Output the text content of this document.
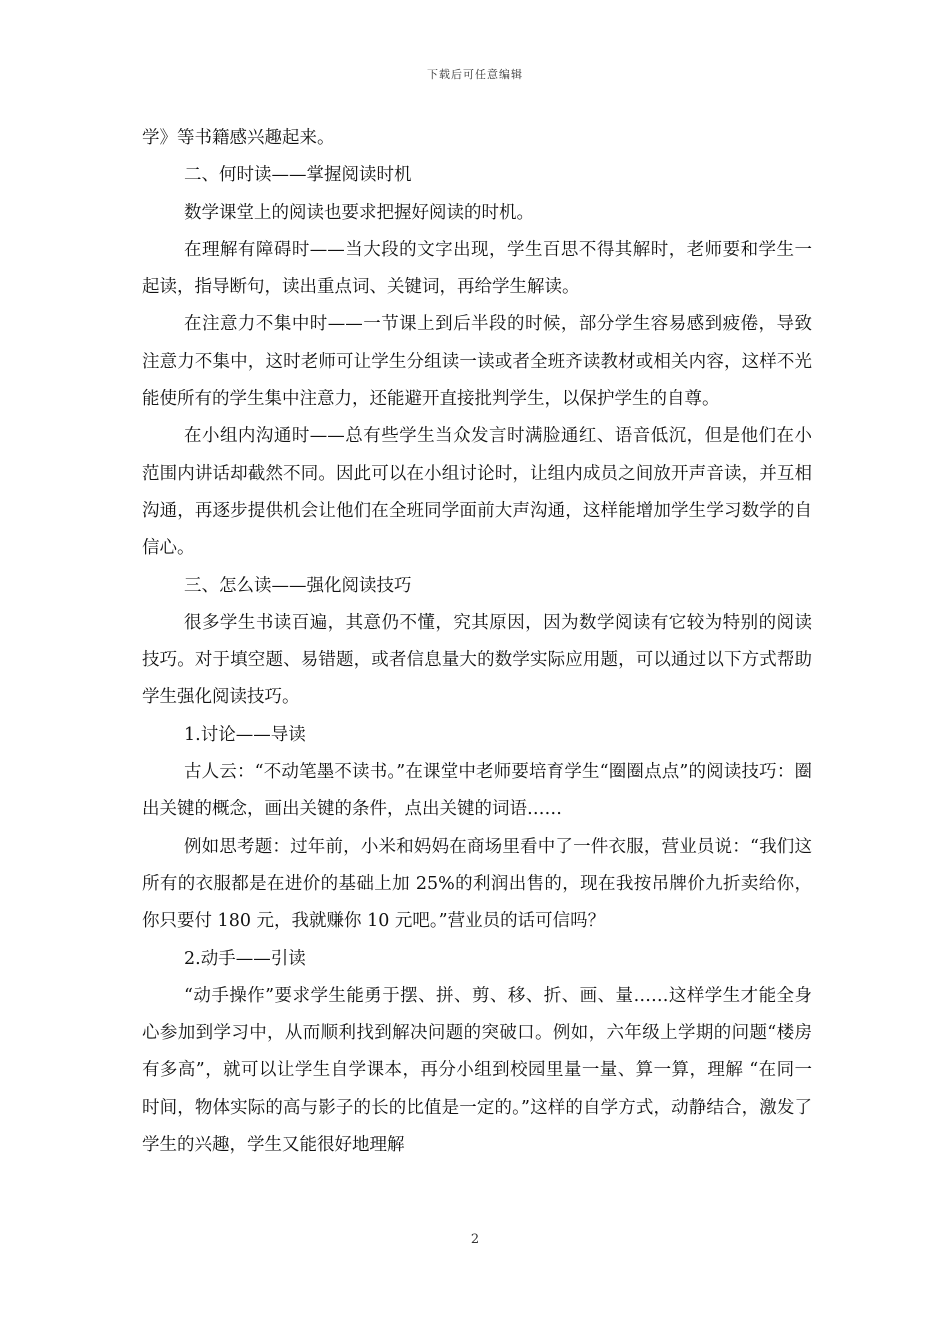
下载后可任意编辑

学》等书籍感兴趣起来。

二、何时读——掌握阅读时机

数学课堂上的阅读也要求把握好阅读的时机。

在理解有障碍时——当大段的文字出现，学生百思不得其解时，老师要和学生一起读，指导断句，读出重点词、关键词，再给学生解读。

在注意力不集中时——一节课上到后半段的时候，部分学生容易感到疲倦，导致注意力不集中，这时老师可让学生分组读一读或者全班齐读教材或相关内容，这样不光能使所有的学生集中注意力，还能避开直接批判学生，以保护学生的自尊。

在小组内沟通时——总有些学生当众发言时满脸通红、语音低沉，但是他们在小范围内讲话却截然不同。因此可以在小组讨论时，让组内成员之间放开声音读，并互相沟通，再逐步提供机会让他们在全班同学面前大声沟通，这样能增加学生学习数学的自信心。

三、怎么读——强化阅读技巧

很多学生书读百遍，其意仍不懂，究其原因，因为数学阅读有它较为特别的阅读技巧。对于填空题、易错题，或者信息量大的数学实际应用题，可以通过以下方式帮助学生强化阅读技巧。

1.讨论——导读

古人云：“不动笔墨不读书。”在课堂中老师要培育学生“圈圈点点”的阅读技巧：圈出关键的概念，画出关键的条件，点出关键的词语……

例如思考题：过年前，小米和妈妈在商场里看中了一件衣服，营业员说：“我们这所有的衣服都是在进价的基础上加 25%的利润出售的，现在我按吊牌价九折卖给你，你只要付 180 元，我就赚你 10 元吧。”营业员的话可信吗？

2.动手——引读

“动手操作”要求学生能勇于摆、拼、剪、移、折、画、量……这样学生才能全身心参加到学习中，从而顺利找到解决问题的突破口。例如，六年级上学期的问题“楼房有多高”，就可以让学生自学课本，再分小组到校园里量一量、算一算，理解 “在同一时间，物体实际的高与影子的长的比值是一定的。”这样的自学方式，动静结合，激发了学生的兴趣，学生又能很好地理解

2
